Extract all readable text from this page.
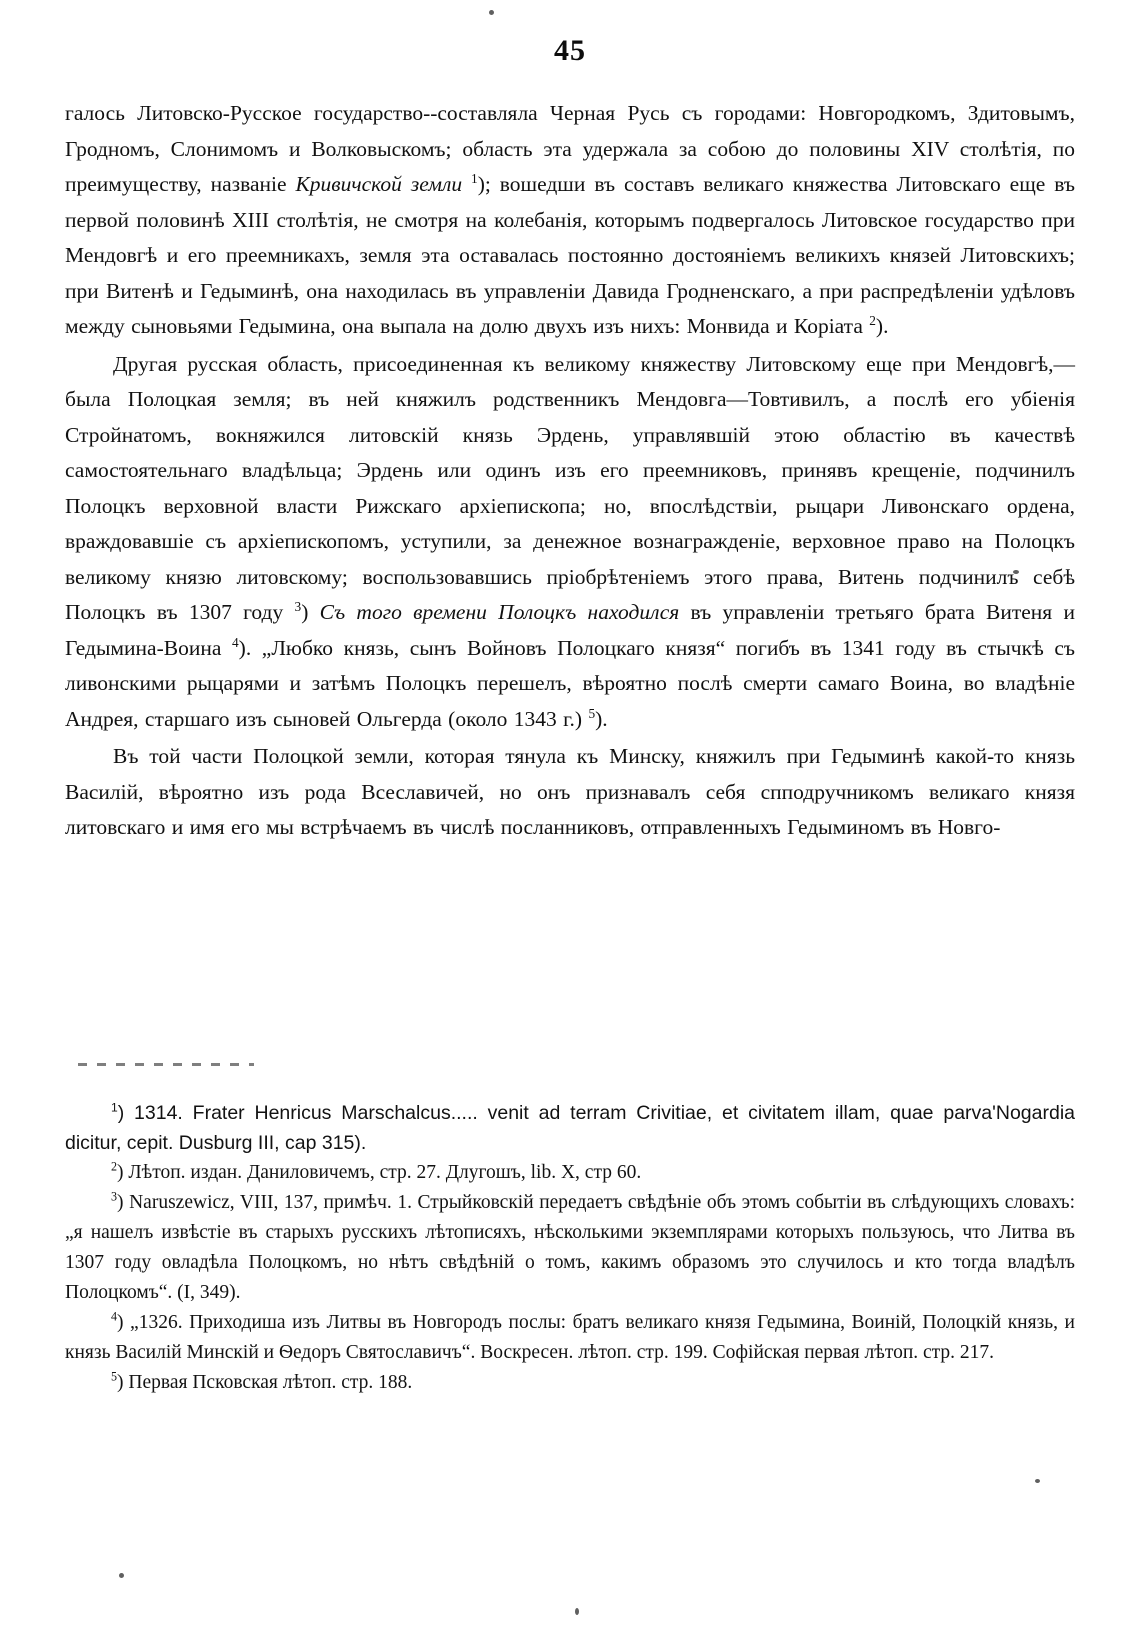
45

галось Литовско-Русское государство--составляла Черная Русь съ городами: Новгородкомъ, Здитовымъ, Гродномъ, Слонимомъ и Волковыскомъ; область эта удержала за собою до половины XIV столѣтія, по преимуществу, названіе Кривичской земли $^1$); вошедши въ составъ великаго княжества Литовскаго еще въ первой половинѣ XIII столѣтія, не смотря на колебанія, которымъ подвергалось Литовское государство при Мендовгѣ и его преемникахъ, земля эта оставалась постоянно достояніемъ великихъ князей Литовскихъ; при Витенѣ и Гедыминѣ, она находилась въ управленіи Давида Гродненскаго, а при распредѣленіи удѣловъ между сыновьями Гедымина, она выпала на долю двухъ изъ нихъ: Монвида и Коріата $^2$).

Другая русская область, присоединенная къ великому княжеству Литовскому еще при Мендовгѣ,—была Полоцкая земля; въ ней княжилъ родственникъ Мендовга—Товтивилъ, а послѣ его убіенія Стройнатомъ, вокняжился литовскій князь Эрдень, управлявшій этою областію въ качествѣ самостоятельнаго владѣльца; Эрдень или одинъ изъ его преемниковъ, принявъ крещеніе, подчинилъ Полоцкъ верховной власти Рижскаго архіепископа; но, впослѣдствіи, рыцари Ливонскаго ордена, враждовавшіе съ архіепископомъ, уступили, за денежное вознагражденіе, верховное право на Полоцкъ великому князю литовскому; воспользовавшись пріобрѣтеніемъ этого права, Витень подчинилъ себѣ Полоцкъ въ 1307 году $^3$) Съ того времени Полоцкъ находился въ управленіи третьяго брата Витеня и Гедымина-Воина $^4$). „Любко князь, сынъ Войновъ Полоцкаго князя“ погибъ въ 1341 году въ стычкѣ съ ливонскими рыцарями и затѣмъ Полоцкъ перешелъ, вѣроятно послѣ смерти самаго Воина, во владѣніе Андрея, старшаго изъ сыновей Ольгерда (около 1343 г.) $^5$).

Въ той части Полоцкой земли, которая тянула къ Минску, княжилъ при Гедыминѣ какой-то князь Василій, вѣроятно изъ рода Всеславичей, но онъ признавалъ себя спподручникомъ великаго князя литовскаго и имя его мы встрѣчаемъ въ числѣ посланниковъ, отправленныхъ Гедыминомъ въ Новго-

$^1$) 1314. Frater Henricus Marschalcus..... venit ad terram Crivitiae, et civitatem illam, quae parva'Nogardia dicitur, cepit. Dusburg III, cap 315).

$^2$) Лѣтоп. издан. Даниловичемъ, стр. 27. Длугошъ, lib. X, стр 60.

$^3$) Naruszewicz, VIII, 137, примѣч. 1. Стрыйковскій передаетъ свѣдѣніе объ этомъ событіи въ слѣдующихъ словахъ: „я нашелъ извѣстіе въ старыхъ русскихъ лѣтописяхъ, нѣсколькими экземплярами которыхъ пользуюсь, что Литва въ 1307 году овладѣла Полоцкомъ, но нѣтъ свѣдѣній о томъ, какимъ образомъ это случилось и кто тогда владѣлъ Полоцкомъ“. (I, 349).

$^4$) „1326. Приходиша изъ Литвы въ Новгородъ послы: братъ великаго князя Гедымина, Воиній, Полоцкій князь, и князь Василій Минскій и Ѳедоръ Святославичъ“. Воскресен. лѣтоп. стр. 199. Софійская первая лѣтоп. стр. 217.

$^5$) Первая Псковская лѣтоп. стр. 188.
